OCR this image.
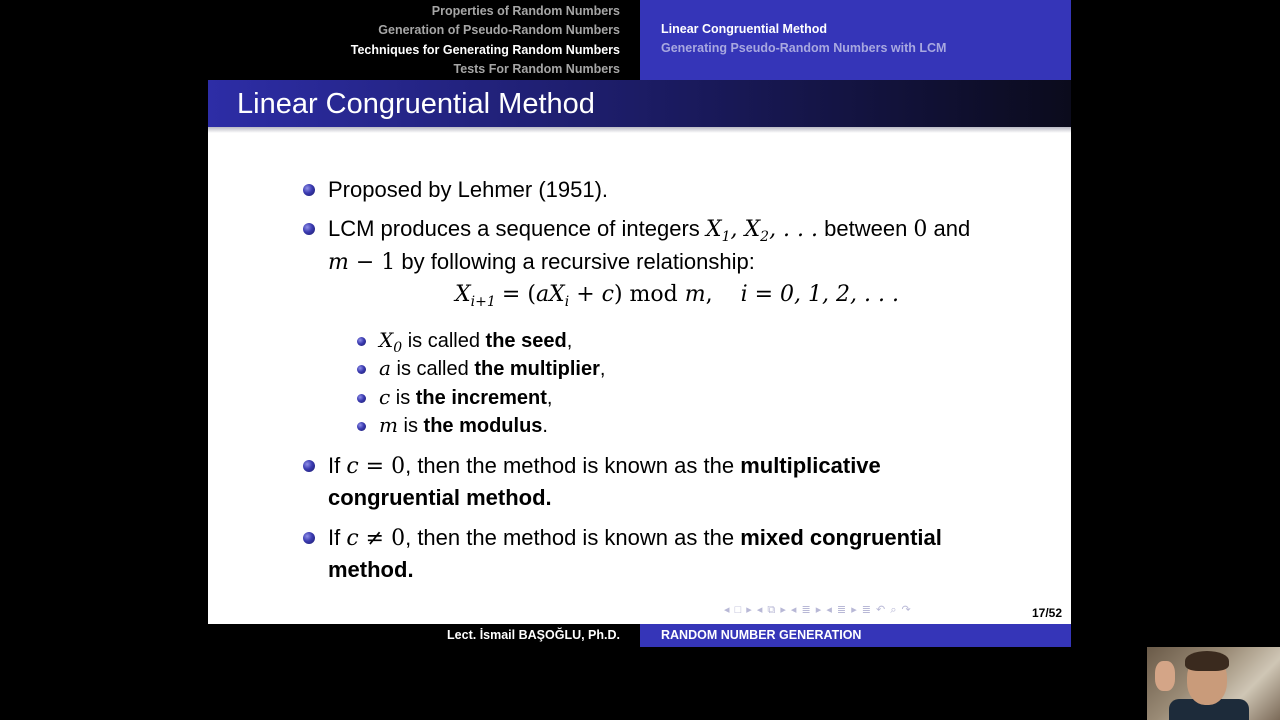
Properties of Random Numbers
Generation of Pseudo-Random Numbers
Techniques for Generating Random Numbers
Tests For Random Numbers
Linear Congruential Method
Generating Pseudo-Random Numbers with LCM
Linear Congruential Method
Proposed by Lehmer (1951).
LCM produces a sequence of integers $X_1$, $X_2$, . . . between 0 and
m − 1 by following a recursive relationship:
$X_{i+1} = (aX_i + c)$ mod m,    i = 0, 1, 2, . . .
$X_0$ is called the seed,
a is called the multiplier,
c is the increment,
m is the modulus.
If c = 0, then the method is known as the multiplicative
congruential method.
If c ≠ 0, then the method is known as the mixed congruential
method.
◂ □ ▸ ◂ ⧉ ▸ ◂ ≣ ▸ ◂ ≣ ▸ ≣ ↶ ⌕ ↷	17/52
Lect. İsmail BAŞOĞLU, Ph.D.	RANDOM NUMBER GENERATION
